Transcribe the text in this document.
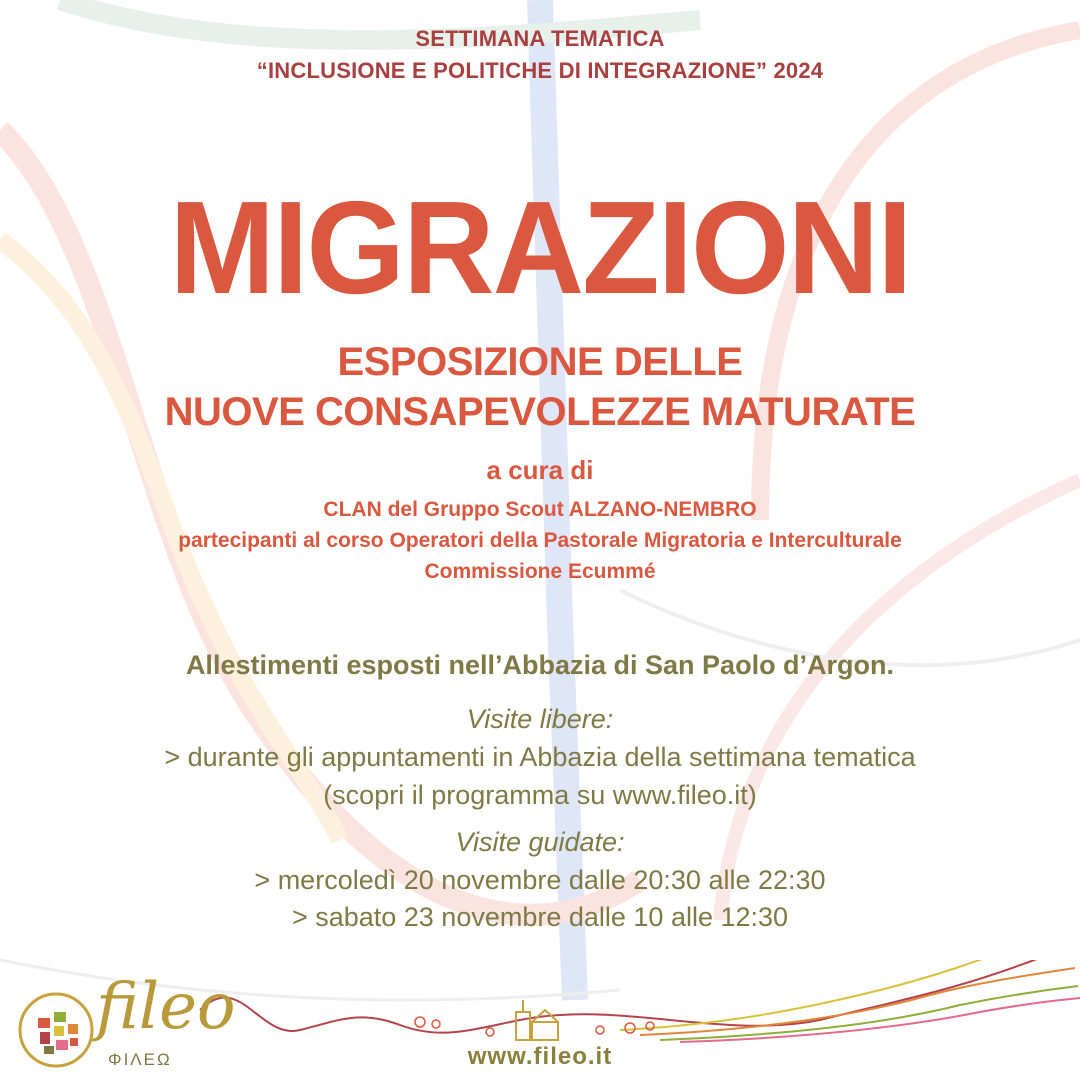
SETTIMANA TEMATICA

“INCLUSIONE E POLITICHE DI INTEGRAZIONE” 2024

MIGRAZIONI

ESPOSIZIONE DELLE

NUOVE CONSAPEVOLEZZE MATURATE

a cura di

CLAN del Gruppo Scout ALZANO-NEMBRO

partecipanti al corso Operatori della Pastorale Migratoria e Interculturale

Commissione Ecummé

Allestimenti esposti nell’Abbazia di San Paolo d’Argon.

Visite libere:

> durante gli appuntamenti in Abbazia della settimana tematica

(scopri il programma su www.fileo.it)

Visite guidate:

> mercoledì 20 novembre dalle 20:30 alle 22:30

> sabato 23 novembre dalle 10 alle 12:30

fileo
ΦΙΛΕΩ	www.fileo.it
